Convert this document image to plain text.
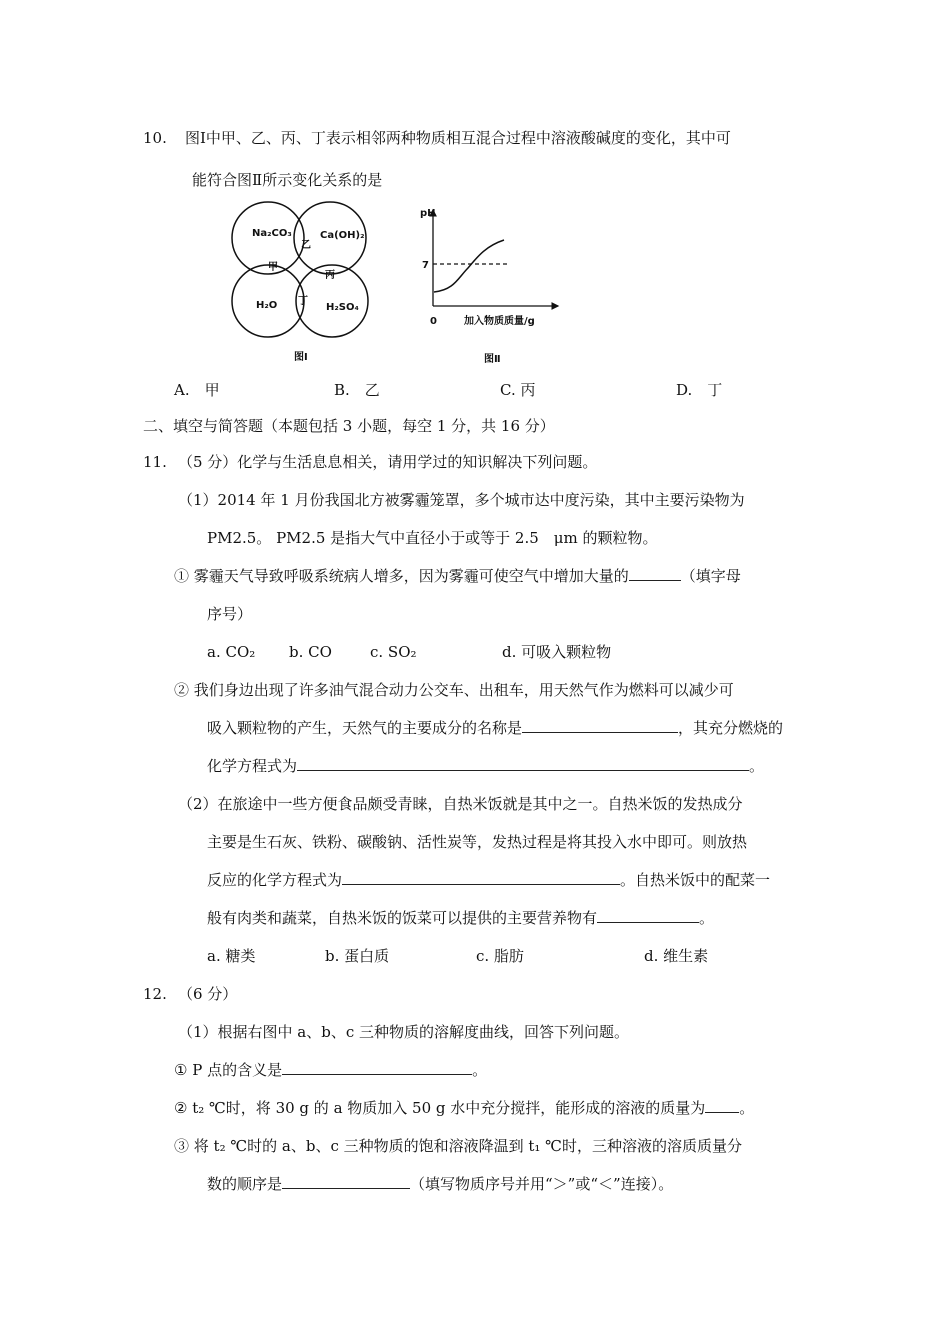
10. 图Ⅰ中甲、乙、丙、丁表示相邻两种物质相互混合过程中溶液酸碱度的变化，其中可
能符合图Ⅱ所示变化关系的是
Na₂CO₃	Ca(OH)₂
H₂O	H₂SO₄
甲
乙
丙
丁
图Ⅰ
pH
7
0	加入物质质量/g
图Ⅱ
A.　甲	B.　乙	C. 丙	D.　丁
二、填空与简答题（本题包括 3 小题，每空 1 分，共 16 分）
11. （5 分）化学与生活息息相关，请用学过的知识解决下列问题。
（1）2014 年 1 月份我国北方被雾霾笼罩，多个城市达中度污染，其中主要污染物为
PM2.5。 PM2.5 是指大气中直径小于或等于 2.5　μm 的颗粒物。
① 雾霾天气导致呼吸系统病人增多，因为雾霾可使空气中增加大量的	（填字母
序号）
a. CO₂ b. CO	c. SO₂	d. 可吸入颗粒物
② 我们身边出现了许多油气混合动力公交车、出租车，用天然气作为燃料可以减少可
吸入颗粒物的产生，天然气的主要成分的名称是	，其充分燃烧的
化学方程式为	。
（2）在旅途中一些方便食品颇受青睐，自热米饭就是其中之一。自热米饭的发热成分
主要是生石灰、铁粉、碳酸钠、活性炭等，发热过程是将其投入水中即可。则放热
反应的化学方程式为	。自热米饭中的配菜一
般有肉类和蔬菜，自热米饭的饭菜可以提供的主要营养物有	。
a. 糖类	b. 蛋白质	c. 脂肪	d. 维生素
12. （6 分）
（1）根据右图中 a、b、c 三种物质的溶解度曲线，回答下列问题。
① P 点的含义是	。
② t₂ ℃时，将 30 g 的 a 物质加入 50 g 水中充分搅拌，能形成的溶液的质量为 。
③ 将 t₂ ℃时的 a、b、c 三种物质的饱和溶液降温到 t₁ ℃时，三种溶液的溶质质量分
数的顺序是	（填写物质序号并用“＞”或“＜”连接）。
